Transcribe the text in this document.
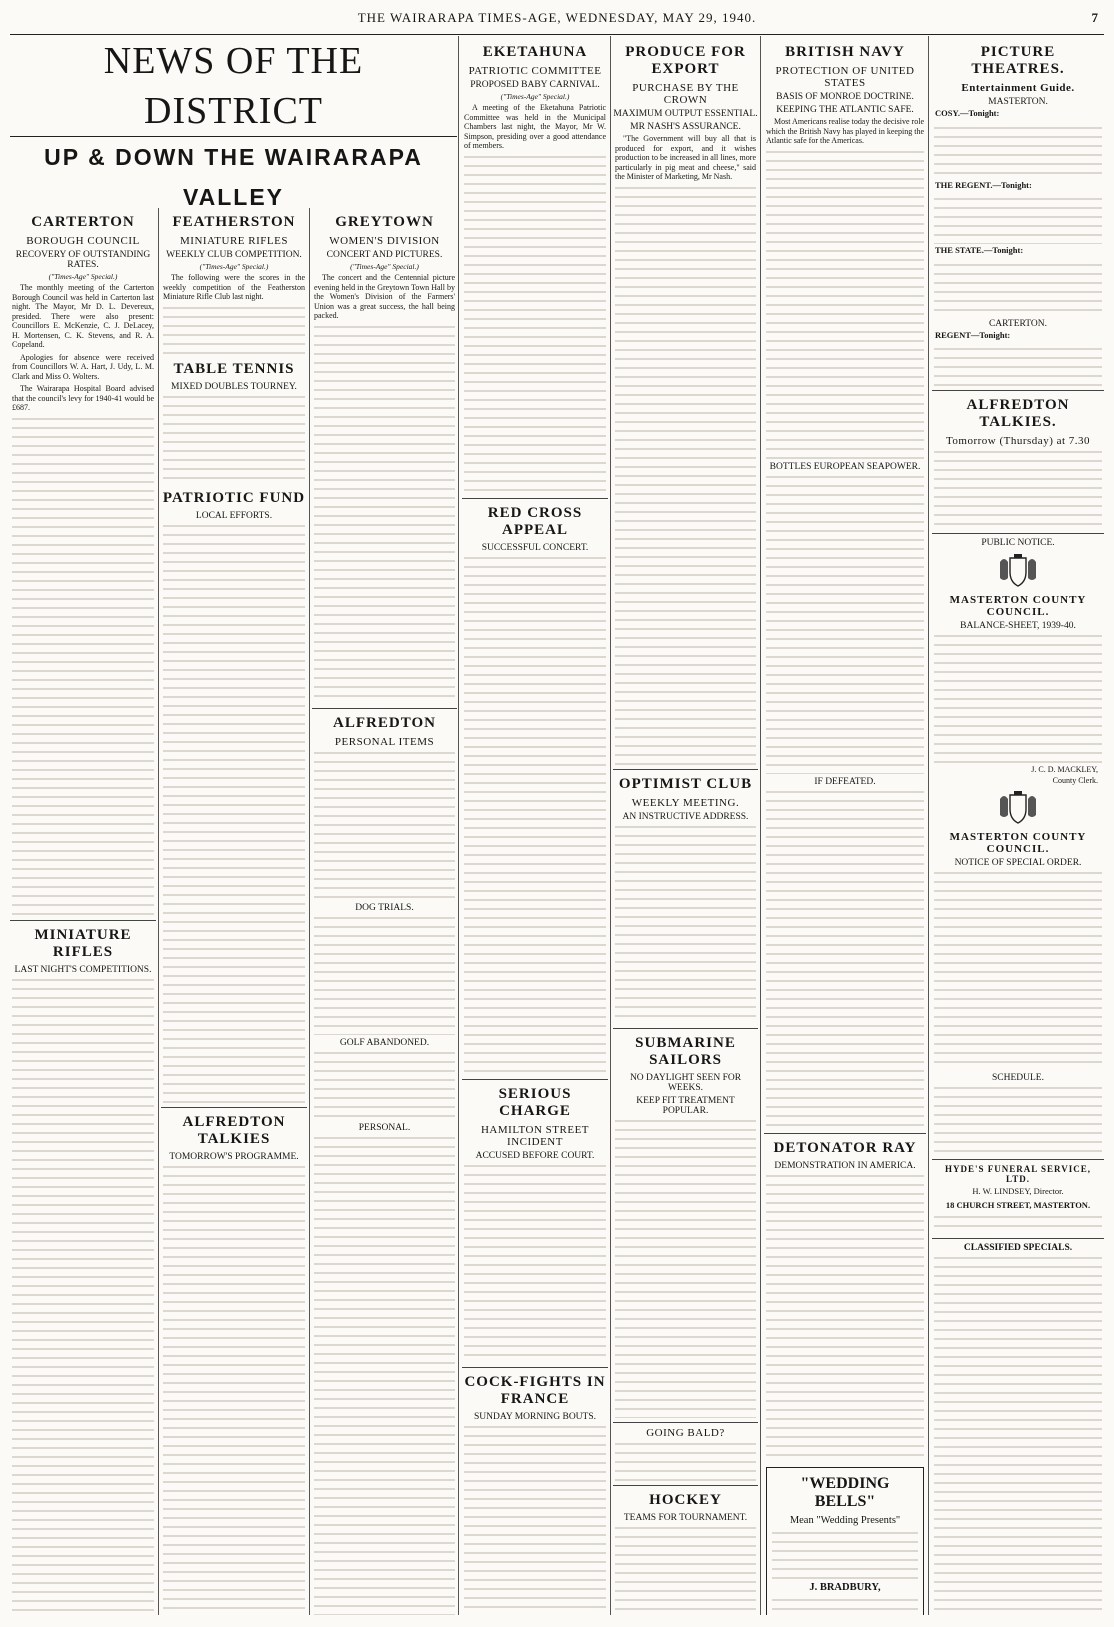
THE WAIRARAPA TIMES-AGE, WEDNESDAY, MAY 29, 1940.	7
NEWS OF THE DISTRICT
UP & DOWN THE WAIRARAPA VALLEY
CARTERTON
BOROUGH COUNCIL
RECOVERY OF OUTSTANDING RATES.
("Times-Age" Special.)

The monthly meeting of the Carterton Borough Council was held in Carterton last night. The Mayor, Mr D. L. Devereux, presided. There were also present: Councillors E. McKenzie, C. J. DeLacey, H. Mortensen, C. K. Stevens, and R. A. Copeland.

Apologies for absence were received from Councillors W. A. Hart, J. Udy, L. M. Clark and Miss O. Wolters.

The Wairarapa Hospital Board advised that the council's levy for 1940-41 would be £687.

MINIATURE RIFLES
LAST NIGHT'S COMPETITIONS.
FEATHERSTON
MINIATURE RIFLES
WEEKLY CLUB COMPETITION.
("Times-Age" Special.)

The following were the scores in the weekly competition of the Featherston Miniature Rifle Club last night.

TABLE TENNIS
MIXED DOUBLES TOURNEY.
PATRIOTIC FUND
LOCAL EFFORTS.
ALFREDTON TALKIES
TOMORROW'S PROGRAMME.
GREYTOWN
WOMEN'S DIVISION
CONCERT AND PICTURES.
("Times-Age" Special.)

The concert and the Centennial picture evening held in the Greytown Town Hall by the Women's Division of the Farmers' Union was a great success, the hall being packed.

ALFREDTON
PERSONAL ITEMS
DOG TRIALS.
GOLF ABANDONED.
PERSONAL.
EKETAHUNA
PATRIOTIC COMMITTEE
PROPOSED BABY CARNIVAL.
("Times-Age" Special.)

A meeting of the Eketahuna Patriotic Committee was held in the Municipal Chambers last night, the Mayor, Mr W. Simpson, presiding over a good attendance of members.

RED CROSS APPEAL
SUCCESSFUL CONCERT.
SERIOUS CHARGE
HAMILTON STREET INCIDENT
ACCUSED BEFORE COURT.
COCK-FIGHTS IN FRANCE
SUNDAY MORNING BOUTS.
PRODUCE FOR EXPORT
PURCHASE BY THE CROWN
MAXIMUM OUTPUT ESSENTIAL.
MR NASH'S ASSURANCE.

"The Government will buy all that is produced for export, and it wishes production to be increased in all lines, more particularly in pig meat and cheese," said the Minister of Marketing, Mr Nash.

OPTIMIST CLUB
WEEKLY MEETING.
AN INSTRUCTIVE ADDRESS.
SUBMARINE SAILORS
NO DAYLIGHT SEEN FOR WEEKS.
KEEP FIT TREATMENT POPULAR.
GOING BALD?
HOCKEY
TEAMS FOR TOURNAMENT.
BRITISH NAVY
PROTECTION OF UNITED STATES
BASIS OF MONROE DOCTRINE.
KEEPING THE ATLANTIC SAFE.

Most Americans realise today the decisive role which the British Navy has played in keeping the Atlantic safe for the Americas.

BOTTLES EUROPEAN SEAPOWER.
IF DEFEATED.
DETONATOR RAY
DEMONSTRATION IN AMERICA.
"WEDDING BELLS"
Mean "Wedding Presents"
J. BRADBURY,
PICTURE THEATRES.
Entertainment Guide.
MASTERTON.
COSY.—Tonight:
THE REGENT.—Tonight:
THE STATE.—Tonight:
CARTERTON.
REGENT—Tonight:
ALFREDTON TALKIES.
Tomorrow (Thursday) at 7.30
PUBLIC NOTICE.
MASTERTON COUNTY COUNCIL.
BALANCE-SHEET, 1939-40.
J. C. D. MACKLEY,
County Clerk.
MASTERTON COUNTY COUNCIL.
NOTICE OF SPECIAL ORDER.
SCHEDULE.
HYDE'S FUNERAL SERVICE, LTD.
H. W. LINDSEY, Director.
18 CHURCH STREET, MASTERTON.
CLASSIFIED SPECIALS.
